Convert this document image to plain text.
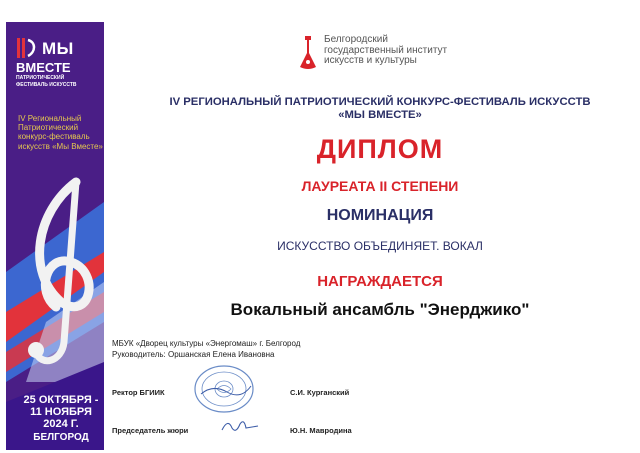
МЫ
ВМЕСТЕ
ПАТРИОТИЧЕСКИЙ
ФЕСТИВАЛЬ ИСКУССТВ
IV Региональный Патриотический конкурс-фестиваль искусств «Мы Вместе»
25 ОКТЯБРЯ -
11 НОЯБРЯ
2024 Г.
БЕЛГОРОД
Белгородский
государственный институт
искусств и культуры
IV РЕГИОНАЛЬНЫЙ ПАТРИОТИЧЕСКИЙ КОНКУРС-ФЕСТИВАЛЬ ИСКУССТВ
«МЫ ВМЕСТЕ»
ДИПЛОМ
ЛАУРЕАТА II СТЕПЕНИ
НОМИНАЦИЯ
ИСКУССТВО ОБЪЕДИНЯЕТ. ВОКАЛ
НАГРАЖДАЕТСЯ
Вокальный ансамбль "Энерджико"
МБУК «Дворец культуры «Энергомаш» г. Белгород
Руководитель: Оршанская Елена Ивановна
Ректор БГИИК	С.И. Курганский
Председатель жюри	Ю.Н. Мавродина
